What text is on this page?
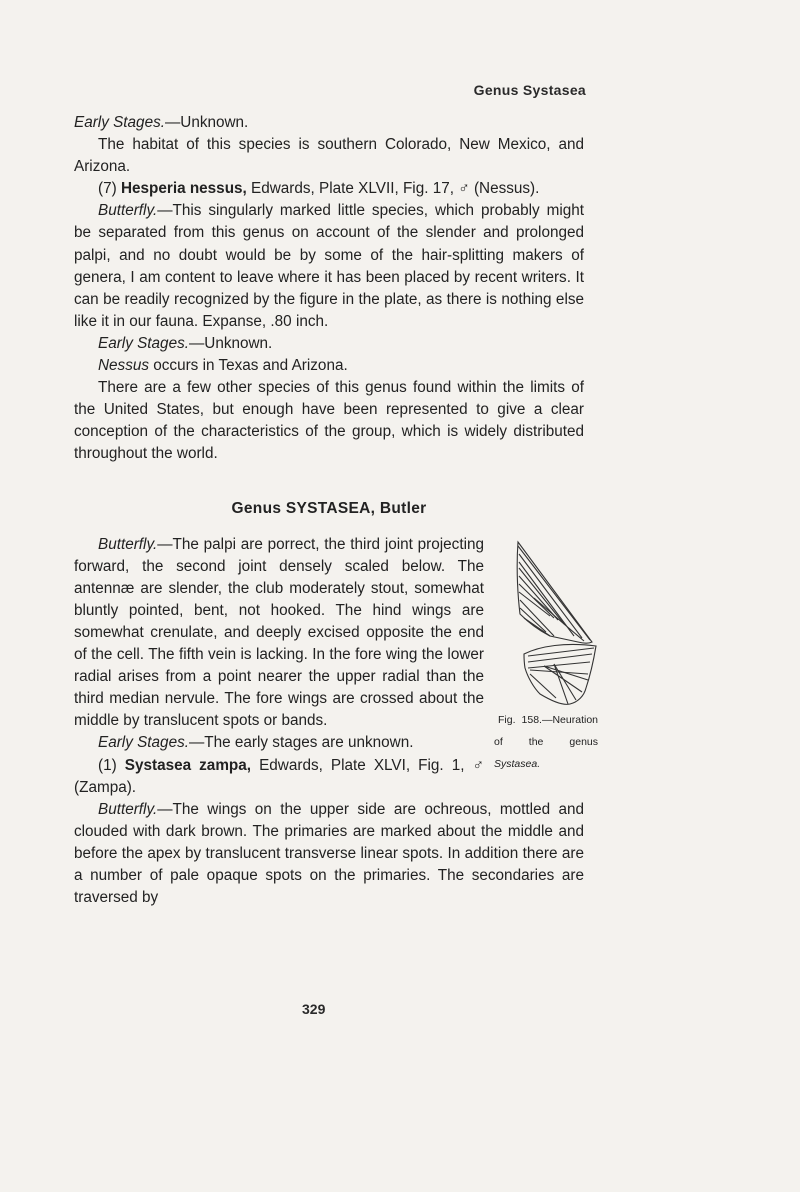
Genus Systasea

Early Stages.—Unknown.

The habitat of this species is southern Colorado, New Mexico, and Arizona.

(7) Hesperia nessus, Edwards, Plate XLVII, Fig. 17, ♂ (Nessus).

Butterfly.—This singularly marked little species, which probably might be separated from this genus on account of the slender and prolonged palpi, and no doubt would be by some of the hair-splitting makers of genera, I am content to leave where it has been placed by recent writers. It can be readily recognized by the figure in the plate, as there is nothing else like it in our fauna. Expanse, .80 inch.

Early Stages.—Unknown.

Nessus occurs in Texas and Arizona.

There are a few other species of this genus found within the limits of the United States, but enough have been represented to give a clear conception of the characteristics of the group, which is widely distributed throughout the world.

Genus SYSTASEA, Butler

Fig. 158.—Neuration of the genus Systasea.
Butterfly.—The palpi are porrect, the third joint projecting forward, the second joint densely scaled below. The antennæ are slender, the club moderately stout, somewhat bluntly pointed, bent, not hooked. The hind wings are somewhat crenulate, and deeply excised opposite the end of the cell. The fifth vein is lacking. In the fore wing the lower radial arises from a point nearer the upper radial than the third median nervule. The fore wings are crossed about the middle by translucent spots or bands.

Early Stages.—The early stages are unknown.

(1) Systasea zampa, Edwards, Plate XLVI, Fig. 1, ♂ (Zampa).

Butterfly.—The wings on the upper side are ochreous, mottled and clouded with dark brown. The primaries are marked about the middle and before the apex by translucent transverse linear spots. In addition there are a number of pale opaque spots on the primaries. The secondaries are traversed by

329
